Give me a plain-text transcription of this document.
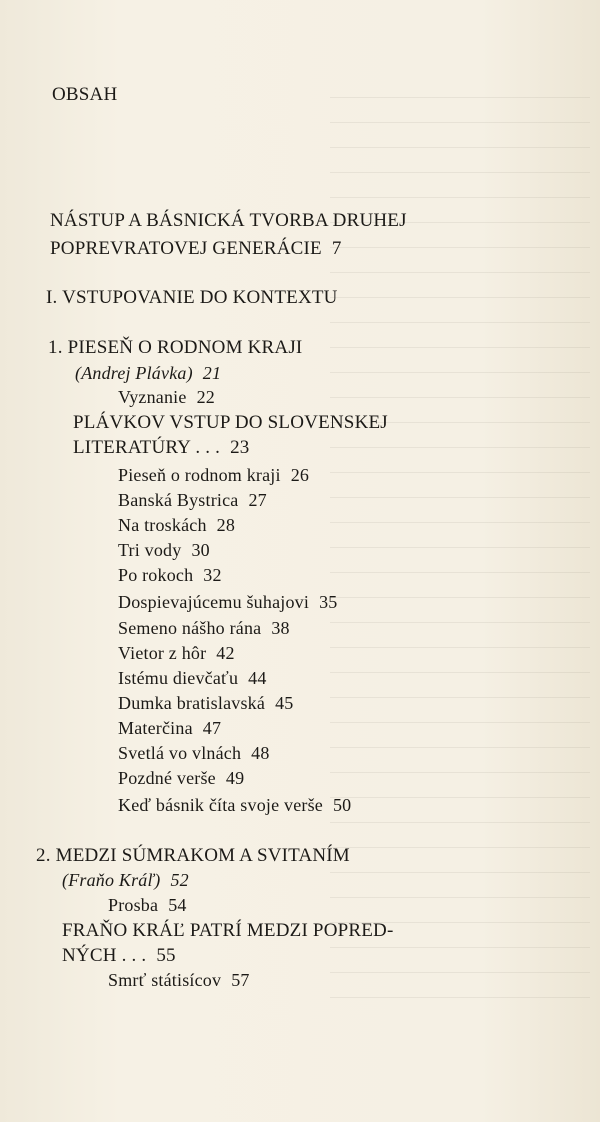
OBSAH
NÁSTUP A BÁSNICKÁ TVORBA DRUHEJ
POPREVRATOVEJ GENERÁCIE 7
I. VSTUPOVANIE DO KONTEXTU
1. PIESEŇ O RODNOM KRAJI
(Andrej Plávka) 21
Vyznanie 22
PLÁVKOV VSTUP DO SLOVENSKEJ
LITERATÚRY . . . 23
Pieseň o rodnom kraji 26
Banská Bystrica 27
Na troskách 28
Tri vody 30
Po rokoch 32
Dospievajúcemu šuhajovi 35
Semeno nášho rána 38
Vietor z hôr 42
Istému dievčaťu 44
Dumka bratislavská 45
Materčina 47
Svetlá vo vlnách 48
Pozdné verše 49
Keď básnik číta svoje verše 50
2. MEDZI SÚMRAKOM A SVITANÍM
(Fraňo Kráľ) 52
Prosba 54
FRAŇO KRÁĽ PATRÍ MEDZI POPRED-
NÝCH . . . 55
Smrť státisícov 57
